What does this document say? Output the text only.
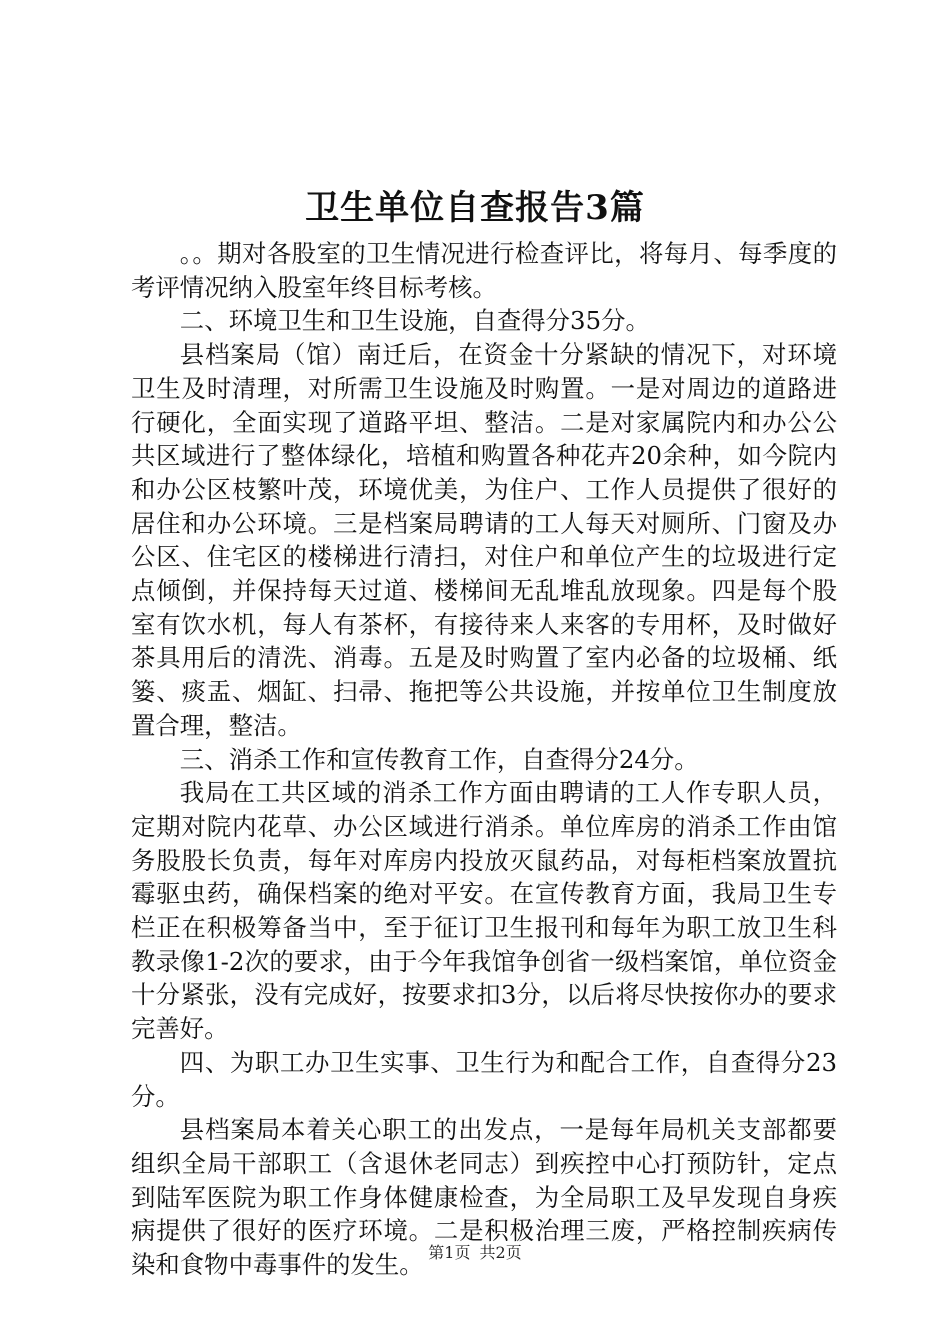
卫生单位自查报告3篇

。。期对各股室的卫生情况进行检查评比，将每月、每季度的考评情况纳入股室年终目标考核。

二、环境卫生和卫生设施，自查得分35分。

县档案局（馆）南迁后，在资金十分紧缺的情况下，对环境卫生及时清理，对所需卫生设施及时购置。一是对周边的道路进行硬化，全面实现了道路平坦、整洁。二是对家属院内和办公公共区域进行了整体绿化，培植和购置各种花卉20余种，如今院内和办公区枝繁叶茂，环境优美，为住户、工作人员提供了很好的居住和办公环境。三是档案局聘请的工人每天对厕所、门窗及办公区、住宅区的楼梯进行清扫，对住户和单位产生的垃圾进行定点倾倒，并保持每天过道、楼梯间无乱堆乱放现象。四是每个股室有饮水机，每人有茶杯，有接待来人来客的专用杯，及时做好茶具用后的清洗、消毒。五是及时购置了室内必备的垃圾桶、纸篓、痰盂、烟缸、扫帚、拖把等公共设施，并按单位卫生制度放置合理，整洁。

三、消杀工作和宣传教育工作，自查得分24分。

我局在工共区域的消杀工作方面由聘请的工人作专职人员，定期对院内花草、办公区域进行消杀。单位库房的消杀工作由馆务股股长负责，每年对库房内投放灭鼠药品，对每柜档案放置抗霉驱虫药，确保档案的绝对平安。在宣传教育方面，我局卫生专栏正在积极筹备当中，至于征订卫生报刊和每年为职工放卫生科教录像1-2次的要求，由于今年我馆争创省一级档案馆，单位资金十分紧张，没有完成好，按要求扣3分，以后将尽快按你办的要求完善好。

四、为职工办卫生实事、卫生行为和配合工作，自查得分23分。

县档案局本着关心职工的出发点，一是每年局机关支部都要组织全局干部职工（含退休老同志）到疾控中心打预防针，定点到陆军医院为职工作身体健康检查，为全局职工及早发现自身疾病提供了很好的医疗环境。二是积极治理三废，严格控制疾病传染和食物中毒事件的发生。 第1页 共2页
